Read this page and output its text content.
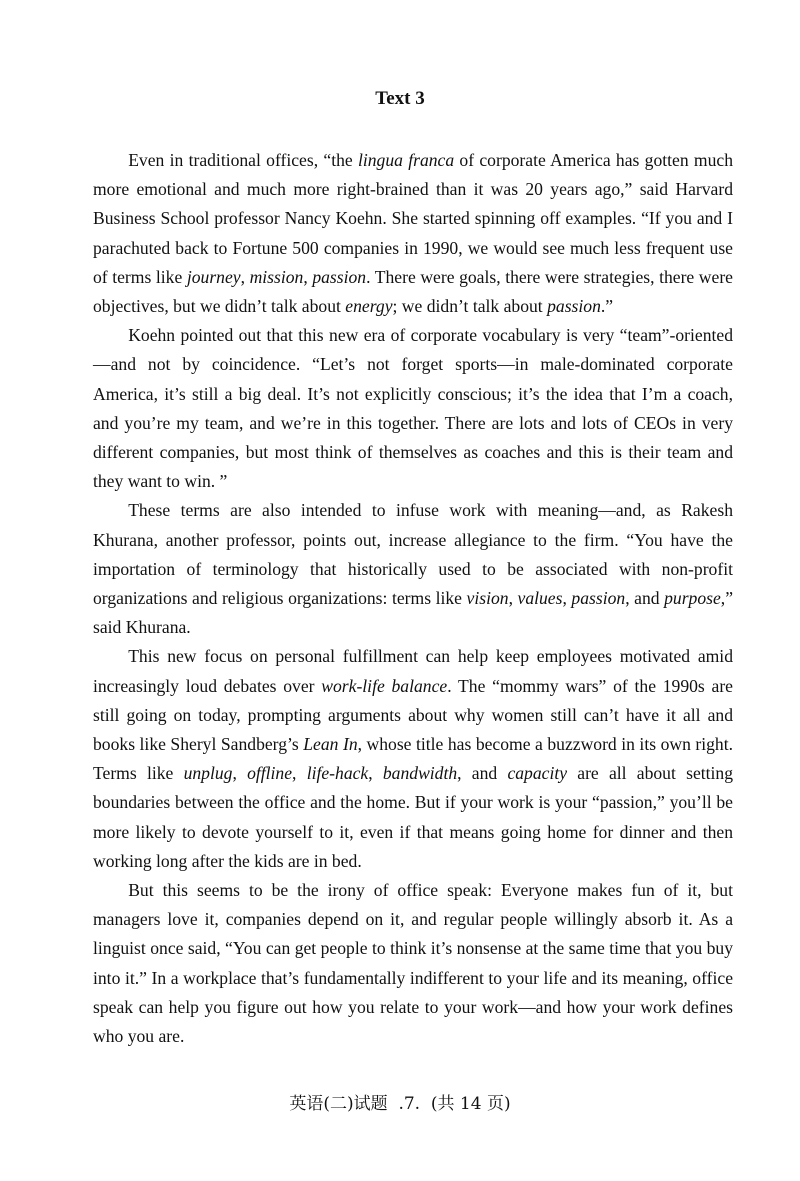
Text 3

Even in traditional offices, “the lingua franca of corporate America has gotten much more emotional and much more right-brained than it was 20 years ago,” said Harvard Business School professor Nancy Koehn. She started spinning off examples. “If you and I parachuted back to Fortune 500 companies in 1990, we would see much less frequent use of terms like journey, mission, passion. There were goals, there were strategies, there were objectives, but we didn’t talk about energy; we didn’t talk about passion.”

Koehn pointed out that this new era of corporate vocabulary is very “team”-oriented—and not by coincidence. “Let’s not forget sports—in male-dominated corporate America, it’s still a big deal. It’s not explicitly conscious; it’s the idea that I’m a coach, and you’re my team, and we’re in this together. There are lots and lots of CEOs in very different companies, but most think of themselves as coaches and this is their team and they want to win. ”

These terms are also intended to infuse work with meaning—and, as Rakesh Khurana, another professor, points out, increase allegiance to the firm. “You have the importation of terminology that historically used to be associated with non-profit organizations and religious organizations: terms like vision, values, passion, and purpose,” said Khurana.

This new focus on personal fulfillment can help keep employees motivated amid increasingly loud debates over work-life balance. The “mommy wars” of the 1990s are still going on today, prompting arguments about why women still can’t have it all and books like Sheryl Sandberg’s Lean In, whose title has become a buzzword in its own right. Terms like unplug, offline, life-hack, bandwidth, and capacity are all about setting boundaries between the office and the home. But if your work is your “passion,” you’ll be more likely to devote yourself to it, even if that means going home for dinner and then working long after the kids are in bed.

But this seems to be the irony of office speak: Everyone makes fun of it, but managers love it, companies depend on it, and regular people willingly absorb it. As a linguist once said, “You can get people to think it’s nonsense at the same time that you buy into it.” In a workplace that’s fundamentally indifferent to your life and its meaning, office speak can help you figure out how you relate to your work—and how your work defines who you are.

英语(二)试题  .7.  (共 14 页)
